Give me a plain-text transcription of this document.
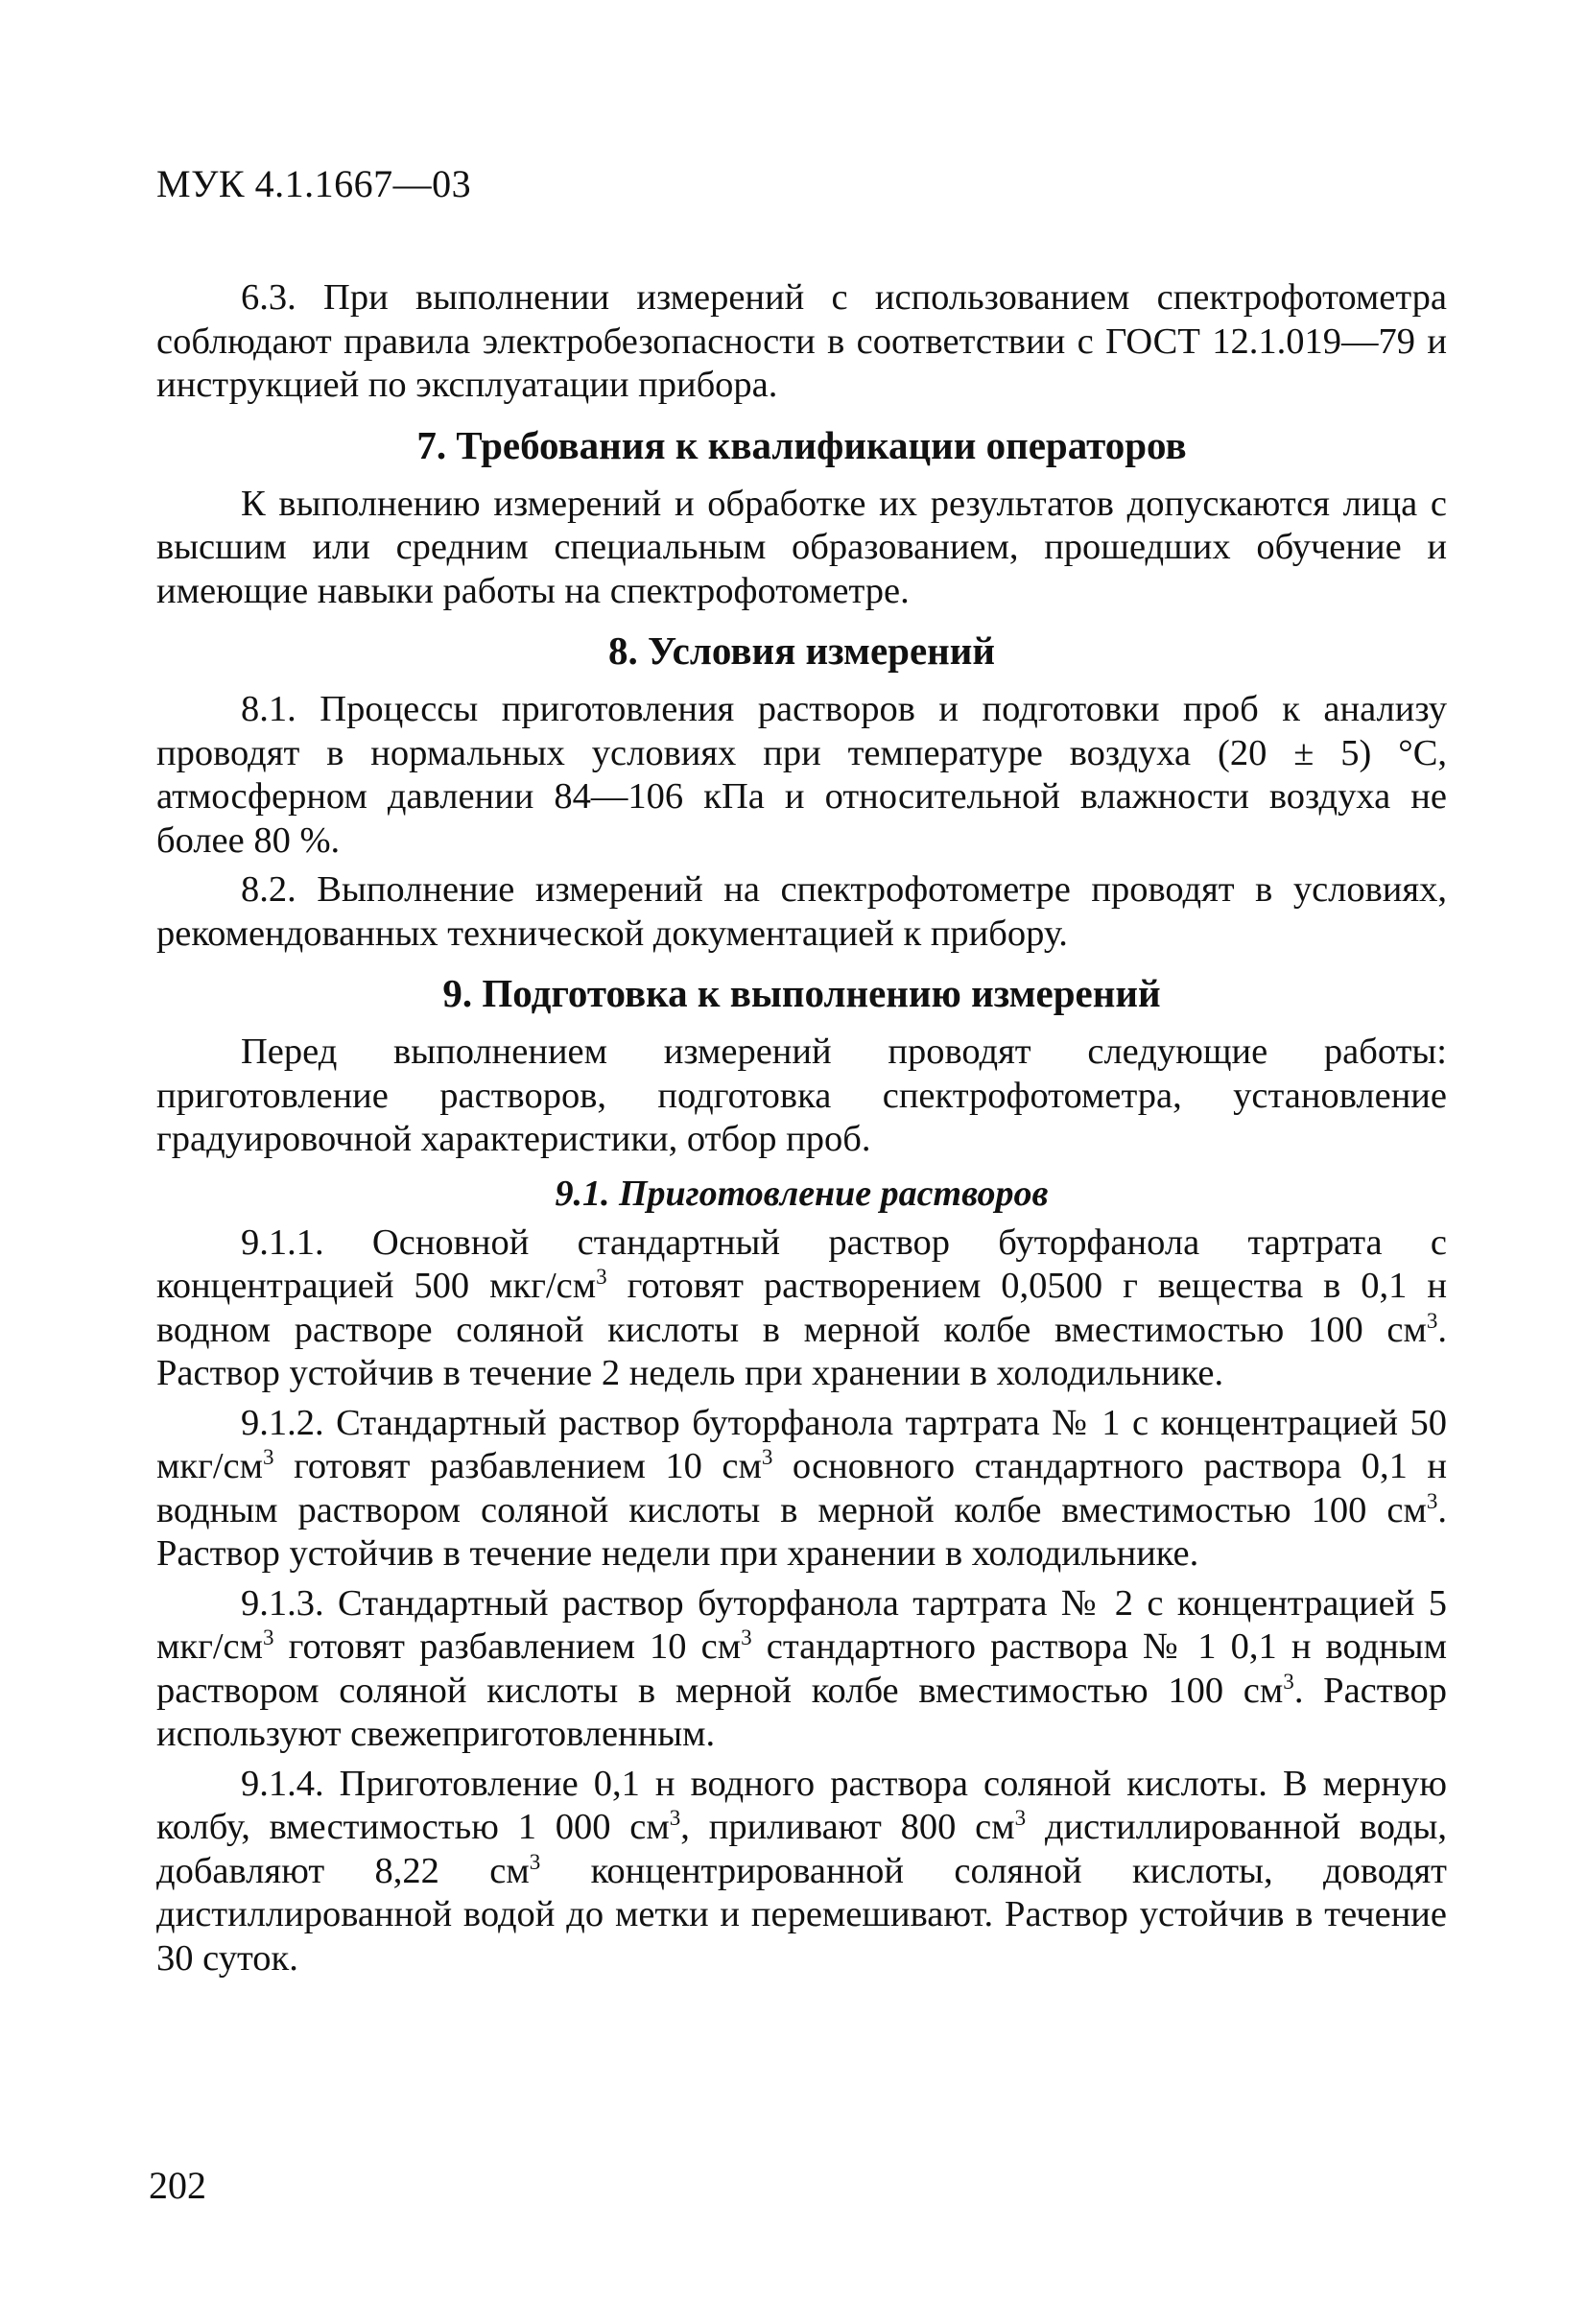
МУК 4.1.1667—03

6.3. При выполнении измерений с использованием спектрофотометра соблюдают правила электробезопасности в соответствии с ГОСТ 12.1.019—79 и инструкцией по эксплуатации прибора.

7. Требования к квалификации операторов

К выполнению измерений и обработке их результатов допускаются лица с высшим или средним специальным образованием, прошедших обучение и имеющие навыки работы на спектрофотометре.

8. Условия измерений

8.1. Процессы приготовления растворов и подготовки проб к анализу проводят в нормальных условиях при температуре воздуха (20 ± 5) °С, атмосферном давлении 84—106 кПа и относительной влажности воздуха не более 80 %.

8.2. Выполнение измерений на спектрофотометре проводят в условиях, рекомендованных технической документацией к прибору.

9. Подготовка к выполнению измерений

Перед выполнением измерений проводят следующие работы: приготовление растворов, подготовка спектрофотометра, установление градуировочной характеристики, отбор проб.

9.1. Приготовление растворов

9.1.1. Основной стандартный раствор буторфанола тартрата с концентрацией 500 мкг/$см^3$ готовят растворением 0,0500 г вещества в 0,1 н водном растворе соляной кислоты в мерной колбе вместимостью 100 $см^3$. Раствор устойчив в течение 2 недель при хранении в холодильнике.

9.1.2. Стандартный раствор буторфанола тартрата № 1 с концентрацией 50 мкг/$см^3$ готовят разбавлением 10 $см^3$ основного стандартного раствора 0,1 н водным раствором соляной кислоты в мерной колбе вместимостью 100 $см^3$. Раствор устойчив в течение недели при хранении в холодильнике.

9.1.3. Стандартный раствор буторфанола тартрата № 2 с концентрацией 5 мкг/$см^3$ готовят разбавлением 10 $см^3$ стандартного раствора № 1 0,1 н водным раствором соляной кислоты в мерной колбе вместимостью 100 $см^3$. Раствор используют свежеприготовленным.

9.1.4. Приготовление 0,1 н водного раствора соляной кислоты. В мерную колбу, вместимостью 1 000 $см^3$, приливают 800 $см^3$ дистиллированной воды, добавляют 8,22 $см^3$ концентрированной соляной кислоты, доводят дистиллированной водой до метки и перемешивают. Раствор устойчив в течение 30 суток.

202
